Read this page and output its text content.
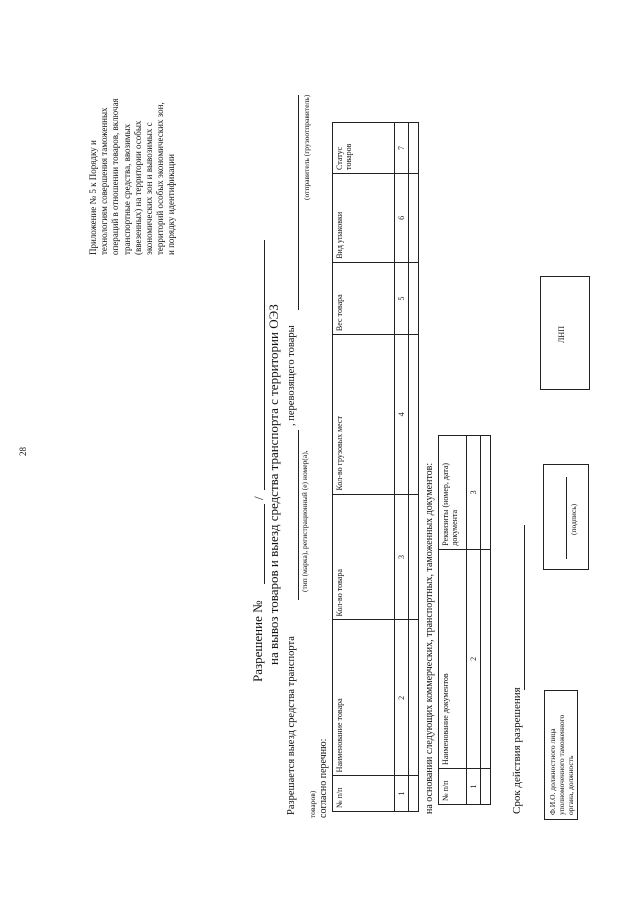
28
Приложение № 5 к Порядку и технологиям совершения таможенных операций в отношении товаров, включая транспортные средства, ввозимых (ввезенных) на территории особых экономических зон и вывозимых с территорий особых экономических зон, и порядку идентификации
Разрешение №
/ на вывоз товаров и выезд средства транспорта с территории ОЭЗ
Разрешается выезд средства транспорта
, перевозящего товары
(тип (марка), регистрационный (е) номер(а),
(отправитель (грузоотправитель)
товаров) согласно перечню: № п/п	Наименование товара	Кол-во товара	Кол-во грузовых мест	Вес товара	Вид упаковки	Статус товаров
1	2	3	4	5	6	7

на основании следующих коммерческих, транспортных, таможенных документов: № п/п	Наименование документов	Реквизиты (номер, дата) документа
1	2	3

Срок действия разрешения	Ф.И.О. должностного лица уполномоченного таможенного органа, должность
(подпись)
ЛНП
